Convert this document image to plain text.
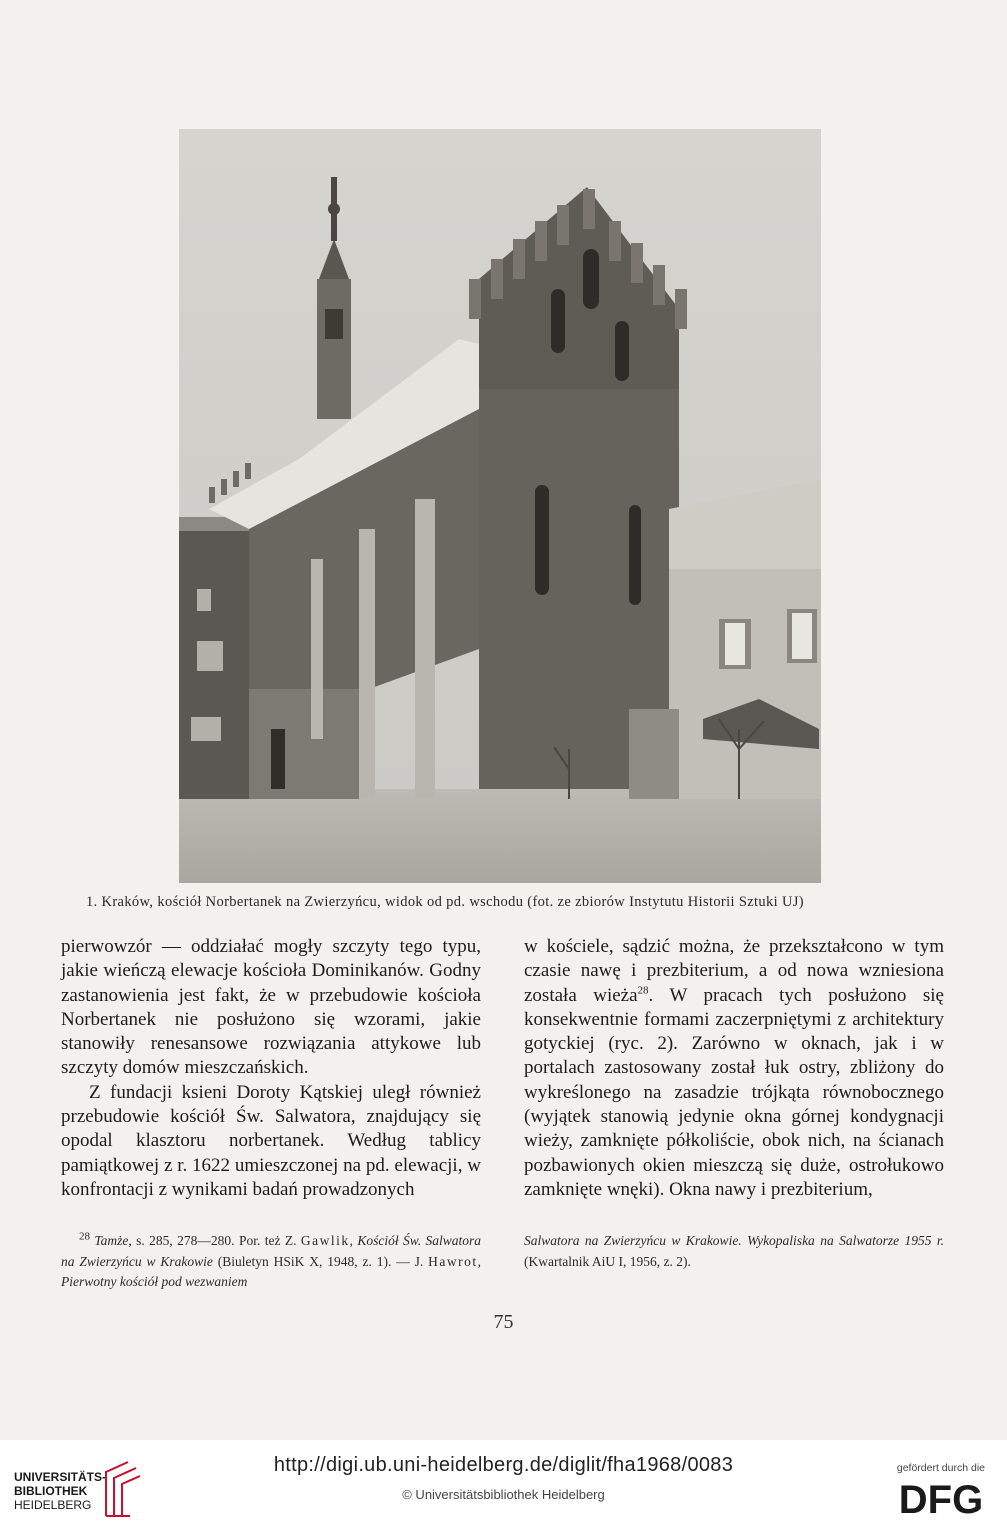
1. Kraków, kościół Norbertanek na Zwierzyńcu, widok od pd. wschodu (fot. ze zbiorów Instytutu Historii Sztuki UJ)

pierwowzór — oddziałać mogły szczyty tego typu, jakie wieńczą elewacje kościoła Dominikanów. Godny zastanowienia jest fakt, że w przebudowie kościoła Norbertanek nie posłużono się wzorami, jakie stanowiły renesansowe rozwiązania attykowe lub szczyty domów mieszczańskich.

Z fundacji ksieni Doroty Kątskiej uległ również przebudowie kościół Św. Salwatora, znajdujący się opodal klasztoru norbertanek. Według tablicy pamiątkowej z r. 1622 umieszczonej na pd. elewacji, w konfrontacji z wynikami badań prowadzonych

w kościele, sądzić można, że przekształcono w tym czasie nawę i prezbiterium, a od nowa wzniesiona została wieża$^{28}$. W pracach tych posłużono się konsekwentnie formami zaczerpniętymi z architektury gotyckiej (ryc. 2). Zarówno w oknach, jak i w portalach zastosowany został łuk ostry, zbliżony do wykreślonego na zasadzie trójkąta równobocznego (wyjątek stanowią jedynie okna górnej kondygnacji wieży, zamknięte półkoliście, obok nich, na ścianach pozbawionych okien mieszczą się duże, ostrołukowo zamknięte wnęki). Okna nawy i prezbiterium,

$^{28}$ Tamże, s. 285, 278—280. Por. też Z. Gawlik, Kościół Św. Salwatora na Zwierzyńcu w Krakowie (Biuletyn HSiK X, 1948, z. 1). — J. Hawrot, Pierwotny kościół pod wezwaniem
Salwatora na Zwierzyńcu w Krakowie. Wykopaliska na Salwatorze 1955 r. (Kwartalnik AiU I, 1956, z. 2).
75
UNIVERSITÄTS-
BIBLIOTHEK
HEIDELBERG
http://digi.ub.uni-heidelberg.de/diglit/fha1968/0083
© Universitätsbibliothek Heidelberg
gefördert durch die
DFG
